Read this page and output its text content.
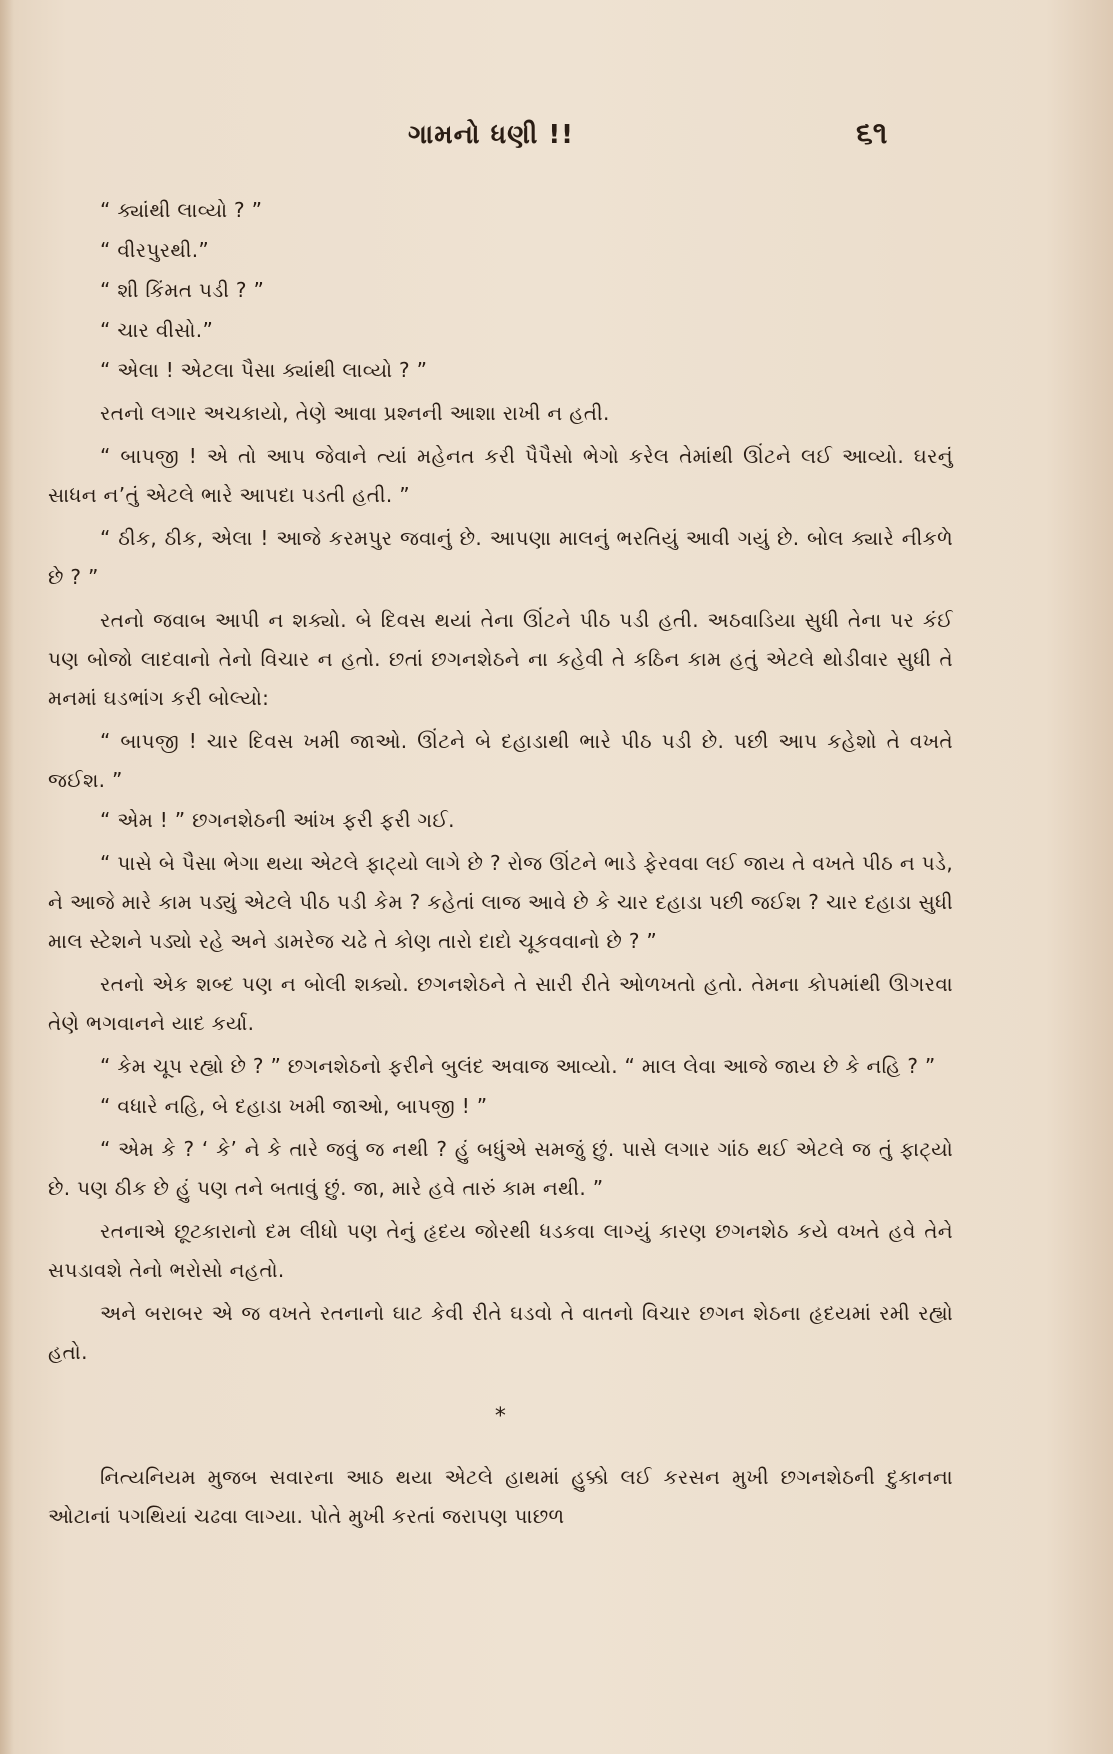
ગામનો ધણી !!	૬૧

“ ક્યાંથી લાવ્યો ? ”

“ વીરપુરથી.”

“ શી કિંમત પડી ? ”

“ ચાર વીસો.”

“ એલા ! એટલા પૈસા ક્યાંથી લાવ્યો ? ”

રતનો લગાર અચકાયો, તેણે આવા પ્રશ્નની આશા રાખી ન હતી.

“ બાપજી ! એ તો આપ જેવાને ત્યાં મહેનત કરી પૈપૈસો ભેગો કરેલ તેમાંથી ઊંટને લઈ આવ્યો. ઘરનું સાધન ન’તું એટલે ભારે આપદા પડતી હતી. ”

“ ઠીક, ઠીક, એલા ! આજે કરમપુર જવાનું છે. આપણા માલનું ભરતિયું આવી ગયું છે. બોલ ક્યારે નીકળે છે ? ”

રતનો જવાબ આપી ન શક્યો. બે દિવસ થયાં તેના ઊંટને પીઠ પડી હતી. અઠવાડિયા સુધી તેના પર કંઈ પણ બોજો લાદવાનો તેનો વિચાર ન હતો. છતાં છગનશેઠને ના કહેવી તે કઠિન કામ હતું એટલે થોડીવાર સુધી તે મનમાં ઘડભાંગ કરી બોલ્યો:

“ બાપજી ! ચાર દિવસ ખમી જાઓ. ઊંટને બે દહાડાથી ભારે પીઠ પડી છે. પછી આપ કહેશો તે વખતે જઈશ. ”

“ એમ ! ” છગનશેઠની આંખ ફરી ફરી ગઈ.

“ પાસે બે પૈસા ભેગા થયા એટલે ફાટ્યો લાગે છે ? રોજ ઊંટને ભાડે ફેરવવા લઈ જાય તે વખતે પીઠ ન પડે, ને આજે મારે કામ પડ્યું એટલે પીઠ પડી કેમ ? કહેતાં લાજ આવે છે કે ચાર દહાડા પછી જઈશ ? ચાર દહાડા સુધી માલ સ્ટેશને પડ્યો રહે અને ડામરેજ ચઢે તે કોણ તારો દાદો ચૂકવવાનો છે ? ”

રતનો એક શબ્દ પણ ન બોલી શક્યો. છગનશેઠને તે સારી રીતે ઓળખતો હતો. તેમના કોપમાંથી ઊગરવા તેણે ભગવાનને યાદ કર્યા.

“ કેમ ચૂપ રહ્યો છે ? ” છગનશેઠનો ફરીને બુલંદ અવાજ આવ્યો. “ માલ લેવા આજે જાય છે કે નહિ ? ”

“ વધારે નહિ, બે દહાડા ખમી જાઓ, બાપજી ! ”

“ એમ કે ? ‘ કે’ ને કે તારે જવું જ નથી ? હું બધુંએ સમજું છું. પાસે લગાર ગાંઠ થઈ એટલે જ તું ફાટ્યો છે. પણ ઠીક છે હું પણ તને બતાવું છું. જા, મારે હવે તારું કામ નથી. ”

રતનાએ છૂટકારાનો દમ લીધો પણ તેનું હૃદય જોરથી ધડકવા લાગ્યું કારણ છગનશેઠ કયે વખતે હવે તેને સપડાવશે તેનો ભરોસો નહતો.

અને બરાબર એ જ વખતે રતનાનો ઘાટ કેવી રીતે ઘડવો તે વાતનો વિચાર છગન શેઠના હૃદયમાં રમી રહ્યો હતો.

*

નિત્યનિયમ મુજબ સવારના આઠ થયા એટલે હાથમાં હુક્કો લઈ કરસન મુખી છગનશેઠની દુકાનના ઓટાનાં પગથિયાં ચઢવા લાગ્યા. પોતે મુખી કરતાં જરાપણ પાછળ
